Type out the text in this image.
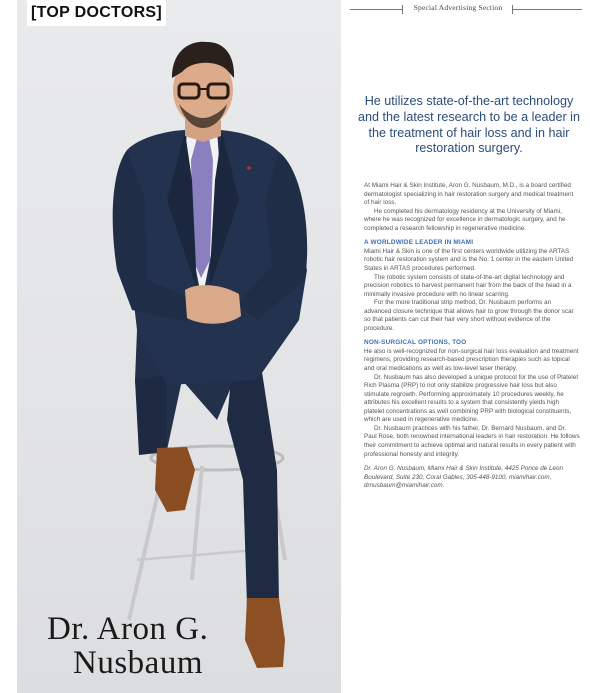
[TOP DOCTORS]
Dr. Aron G.
Nusbaum
Special Advertising Section
He utilizes state-of-the-art technology and the latest research to be a leader in the treatment of hair loss and in hair restoration surgery.

At Miami Hair & Skin Institute, Aron G. Nusbaum, M.D., is a board certified dermatologist specializing in hair restoration surgery and medical treatment of hair loss.

He completed his dermatology residency at the University of Miami, where he was recognized for excellence in dermatologic surgery, and he completed a research fellowship in regenerative medicine.

A WORLDWIDE LEADER IN MIAMI

Miami Hair & Skin is one of the first centers worldwide utilizing the ARTAS robotic hair restoration system and is the No. 1 center in the eastern United States in ARTAS procedures performed.

The robotic system consists of state-of-the-art digital technology and precision robotics to harvest permanent hair from the back of the head in a minimally invasive procedure with no linear scarring.

For the more traditional strip method, Dr. Nusbaum performs an advanced closure technique that allows hair to grow through the donor scar so that patients can cut their hair very short without evidence of the procedure.

NON-SURGICAL OPTIONS, TOO

He also is well-recognized for non-surgical hair loss evaluation and treatment regimens, providing research-based prescription therapies such as topical and oral medications as well as low-level laser therapy.

Dr. Nusbaum has also developed a unique protocol for the use of Platelet Rich Plasma (PRP) to not only stabilize progressive hair loss but also stimulate regrowth. Performing approximately 10 procedures weekly, he attributes his excellent results to a system that consistently yields high platelet concentrations as well combining PRP with biological constituents, which are used in regenerative medicine.

Dr. Nusbaum practices with his father, Dr. Bernard Nusbaum, and Dr. Paul Rose, both renowned international leaders in hair restoration. He follows their commitment to achieve optimal and natural results in every patient with professional honesty and integrity.

Dr. Aron G. Nusbaum, Miami Hair & Skin Institute, 4425 Ponce de Leon Boulevard, Suite 230, Coral Gables, 305-448-9100, miamihair.com, drnusbaum@miamihair.com.
